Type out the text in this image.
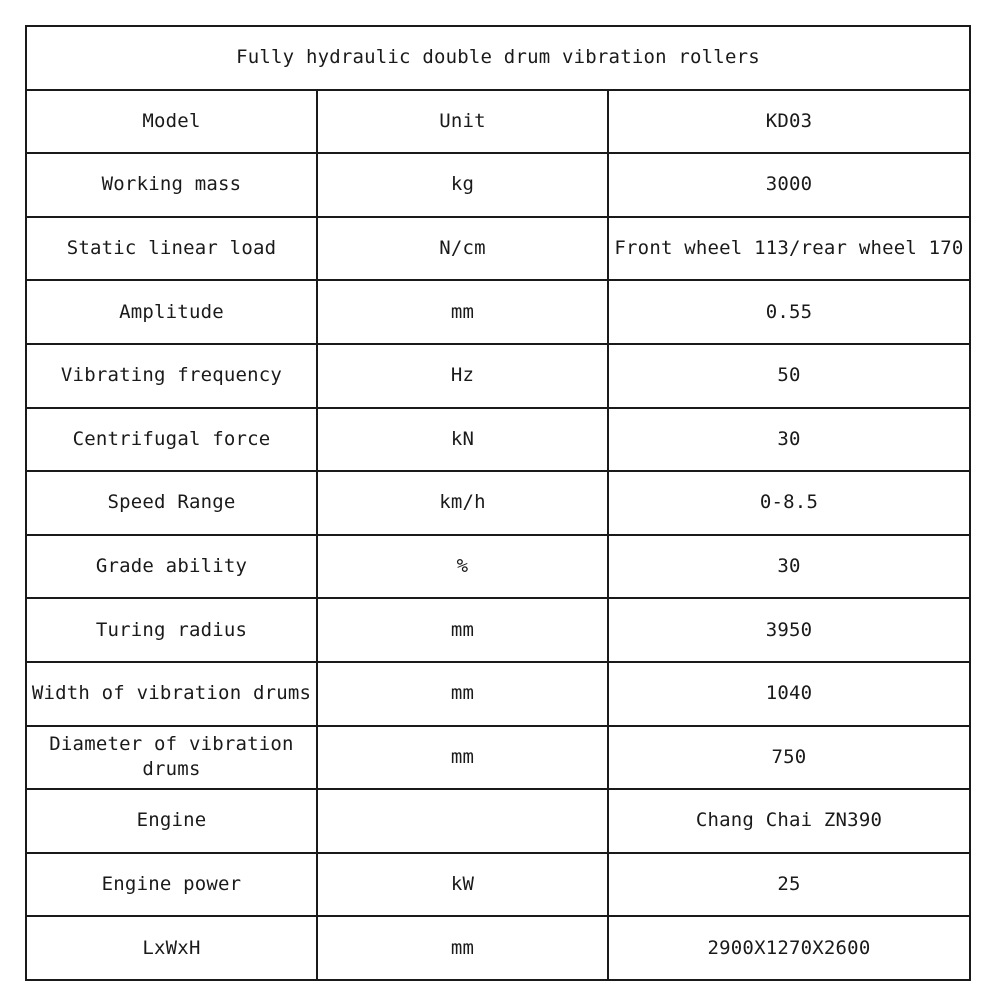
Fully hydraulic double drum vibration rollers		
Model	Unit	KD03
Working mass	kg	3000
Static linear load	N/cm	Front wheel 113/rear wheel 170
Amplitude	mm	0.55
Vibrating frequency	Hz	50
Centrifugal force	kN	30
Speed Range	km/h	0-8.5
Grade ability	%	30
Turing radius	mm	3950
Width of vibration drums	mm	1040
Diameter of vibration drums	mm	750
Engine		Chang Chai ZN390
Engine power	kW	25
LxWxH	mm	2900X1270X2600
